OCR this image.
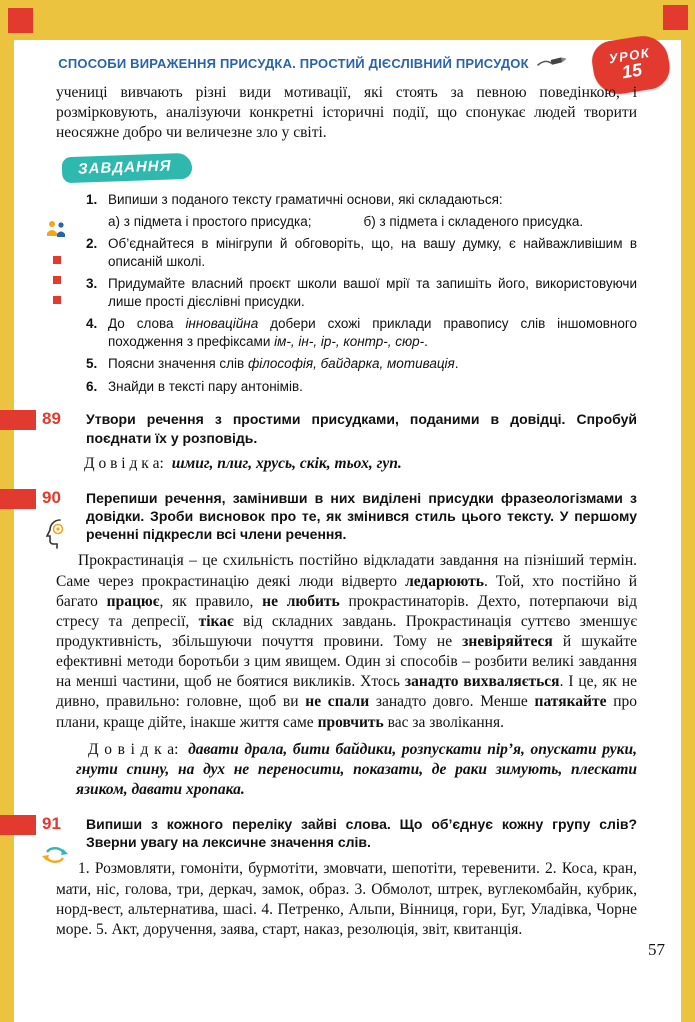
УРОК
15
СПОСОБИ ВИРАЖЕННЯ ПРИСУДКА. ПРОСТИЙ ДІЄСЛІВНИЙ ПРИСУДОК

учениці вивчають різні види мотивації, які стоять за певною поведінкою, і розмірковують, аналізуючи конкретні історичні події, що спонукає людей творити неосяжне добро чи величезне зло у світі.

ЗАВДАННЯ
1. Випиши з поданого тексту граматичні основи, які складаються:
а) з підмета і простого присудка;	б) з підмета і складеного присудка.
2. Об’єднайтеся в мінігрупи й обговоріть, що, на вашу думку, є найважливішим в описаній школі.
3. Придумайте власний проєкт школи вашої мрії та запишіть його, використовуючи лише прості дієслівні присудки.
4. До слова інноваційна добери схожі приклади правопису слів іншомовного походження з префіксами ім-, ін-, ір-, контр-, сюр-.
5. Поясни значення слів філософія, байдарка, мотивація.
6. Знайди в тексті пару антонімів.
89	Утвори речення з простими присудками, поданими в довідці. Спробуй поєднати їх у розповідь.

Д о в і д к а: шмиг, плиг, хрусь, скік, тьох, гуп.

90	Перепиши речення, замінивши в них виділені присудки фразеологізмами з довідки. Зроби висновок про те, як змінився стиль цього тексту. У першому реченні підкресли всі члени речення.

Прокрастинація – це схильність постійно відкладати завдання на пізніший термін. Саме через прокрастинацію деякі люди відверто ледарюють. Той, хто постійно й багато працює, як правило, не любить прокрастинаторів. Дехто, потерпаючи від стресу та депресії, тікає від складних завдань. Прокрастинація суттєво зменшує продуктивність, збільшуючи почуття провини. Тому не зневіряйтеся й шукайте ефективні методи боротьби з цим явищем. Один зі способів – розбити великі завдання на менші частини, щоб не боятися викликів. Хтось занадто вихваляється. І це, як не дивно, правильно: головне, щоб ви не спали занадто довго. Менше патякайте про плани, краще дійте, інакше життя саме провчить вас за зволікання.

Д о в і д к а: давати драла, бити байдики, розпускати пір’я, опускати руки, гнути спину, на дух не переносити, показати, де раки зимують, плескати язиком, давати хропака.

91	Випиши з кожного переліку зайві слова. Що об’єднує кожну групу слів? Зверни увагу на лексичне значення слів.

1. Розмовляти, гомоніти, бурмотіти, змовчати, шепотіти, теревенити. 2. Коса, кран, мати, ніс, голова, три, деркач, замок, образ. 3. Обмолот, штрек, вуглекомбайн, кубрик, норд-вест, альтернатива, шасі. 4. Петренко, Альпи, Вінниця, гори, Буг, Уладівка, Чорне море. 5. Акт, доручення, заява, старт, наказ, резолюція, звіт, квитанція.

57
